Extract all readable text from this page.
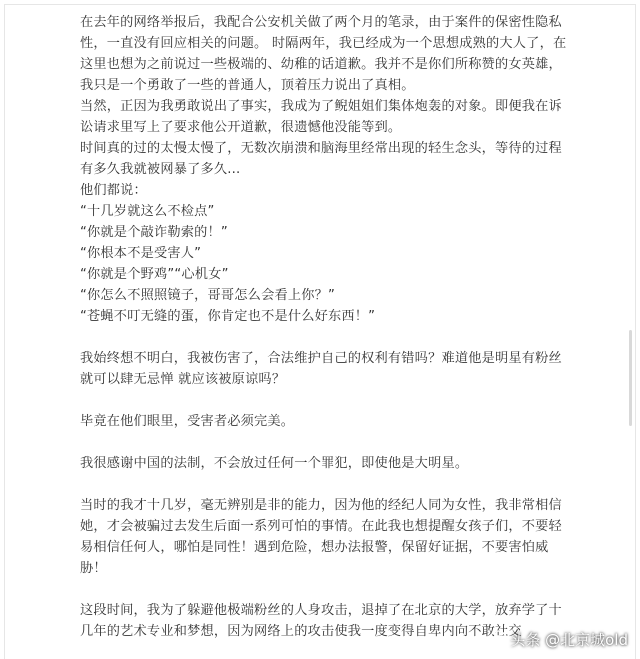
在去年的网络举报后，我配合公安机关做了两个月的笔录，由于案件的保密性隐私性，一直没有回应相关的问题。 时隔两年，我已经成为一个思想成熟的大人了，在这里也想为之前说过一些极端的、幼稚的话道歉。我并不是你们所称赞的女英雄，我只是一个勇敢了一些的普通人，顶着压力说出了真相。

当然，正因为我勇敢说出了事实，我成为了鲵姐姐们集体炮轰的对象。即便我在诉讼请求里写上了要求他公开道歉，很遗憾他没能等到。

时间真的过的太慢太慢了，无数次崩溃和脑海里经常出现的轻生念头，等待的过程有多久我就被网暴了多久...

他们都说：

“十几岁就这么不检点”

“你就是个敲诈勒索的！”

“你根本不是受害人”

“你就是个野鸡”“心机女”

“你怎么不照照镜子，哥哥怎么会看上你？”

“苍蝇不叮无缝的蛋，你肯定也不是什么好东西！”

我始终想不明白，我被伤害了，合法维护自己的权利有错吗？难道他是明星有粉丝就可以肆无忌惮 就应该被原谅吗？

毕竟在他们眼里，受害者必须完美。

我很感谢中国的法制，不会放过任何一个罪犯，即使他是大明星。

当时的我才十几岁，毫无辨别是非的能力，因为他的经纪人同为女性，我非常相信她，才会被骗过去发生后面一系列可怕的事情。在此我也想提醒女孩子们，不要轻易相信任何人，哪怕是同性！遇到危险，想办法报警，保留好证据，不要害怕威胁！

这段时间，我为了躲避他极端粉丝的人身攻击，退掉了在北京的大学，放弃学了十几年的艺术专业和梦想，因为网络上的攻击使我一度变得自卑内向不敢社交

头条 @北京城old
